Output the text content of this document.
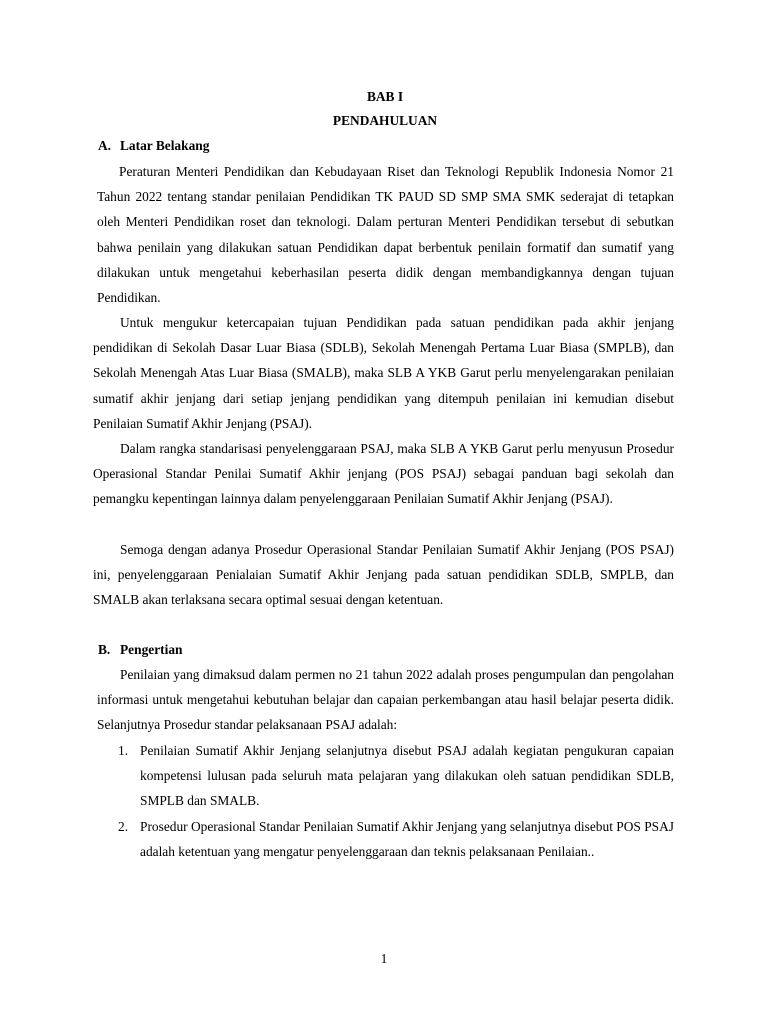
BAB I
PENDAHULUAN
A. Latar Belakang

Peraturan Menteri Pendidikan dan Kebudayaan Riset dan Teknologi Republik Indonesia Nomor 21 Tahun 2022 tentang standar penilaian Pendidikan TK PAUD SD SMP SMA SMK sederajat di tetapkan oleh Menteri Pendidikan roset dan teknologi. Dalam perturan Menteri Pendidikan tersebut di sebutkan bahwa penilain yang dilakukan satuan Pendidikan dapat berbentuk penilain formatif dan sumatif yang dilakukan untuk mengetahui keberhasilan peserta didik dengan membandigkannya dengan tujuan Pendidikan.

Untuk mengukur ketercapaian tujuan Pendidikan pada satuan pendidikan pada akhir jenjang pendidikan di Sekolah Dasar Luar Biasa (SDLB), Sekolah Menengah Pertama Luar Biasa (SMPLB), dan Sekolah Menengah Atas Luar Biasa (SMALB), maka SLB A YKB Garut perlu menyelengarakan penilaian sumatif akhir jenjang dari setiap jenjang pendidikan yang ditempuh penilaian ini kemudian disebut Penilaian Sumatif Akhir Jenjang (PSAJ).

Dalam rangka standarisasi penyelenggaraan PSAJ, maka SLB A YKB Garut perlu menyusun Prosedur Operasional Standar Penilai Sumatif Akhir jenjang (POS PSAJ) sebagai panduan bagi sekolah dan pemangku kepentingan lainnya dalam penyelenggaraan Penilaian Sumatif Akhir Jenjang (PSAJ).

Semoga dengan adanya Prosedur Operasional Standar Penilaian Sumatif Akhir Jenjang (POS PSAJ) ini, penyelenggaraan Penialaian Sumatif Akhir Jenjang pada satuan pendidikan SDLB, SMPLB, dan SMALB akan terlaksana secara optimal sesuai dengan ketentuan.

B. Pengertian

Penilaian yang dimaksud dalam permen no 21 tahun 2022 adalah proses pengumpulan dan pengolahan informasi untuk mengetahui kebutuhan belajar dan capaian perkembangan atau hasil belajar peserta didik. Selanjutnya Prosedur standar pelaksanaan PSAJ adalah:

1. Penilaian Sumatif Akhir Jenjang selanjutnya disebut PSAJ adalah kegiatan pengukuran capaian kompetensi lulusan pada seluruh mata pelajaran yang dilakukan oleh satuan pendidikan SDLB, SMPLB dan SMALB.
2. Prosedur Operasional Standar Penilaian Sumatif Akhir Jenjang yang selanjutnya disebut POS PSAJ adalah ketentuan yang mengatur penyelenggaraan dan teknis pelaksanaan Penilaian..
1
